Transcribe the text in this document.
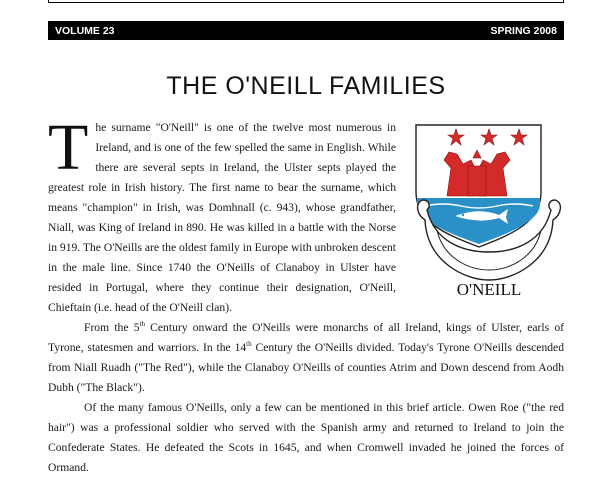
VOLUME 23	SPRING 2008
THE O'NEILL FAMILIES
The surname "O'Neill" is one of the twelve most numerous in Ireland, and is one of the few spelled the same in English. While there are several septs in Ireland, the Ulster septs played the greatest role in Irish history. The first name to bear the surname, which means "champion" in Irish, was Domhnall (c. 943), whose grandfather, Niall, was King of Ireland in 890. He was killed in a battle with the Norse in 919. The O'Neills are the oldest family in Europe with unbroken descent in the male line. Since 1740 the O'Neills of Clanaboy in Ulster have resided in Portugal, where they continue their designation, O'Neill, Chieftain (i.e. head of the O'Neill clan).
O'NEILL
From the 5th Century onward the O'Neills were monarchs of all Ireland, kings of Ulster, earls of Tyrone, statesmen and warriors. In the 14th Century the O'Neills divided. Today's Tyrone O'Neills descended from Niall Ruadh ("The Red"), while the Clanaboy O'Neills of counties Atrim and Down descend from Aodh Dubh ("The Black").
Of the many famous O'Neills, only a few can be mentioned in this brief article. Owen Roe ("the red hair") was a professional soldier who served with the Spanish army and returned to Ireland to join the Confederate States. He defeated the Scots in 1645, and when Cromwell invaded he joined the forces of Ormand.
